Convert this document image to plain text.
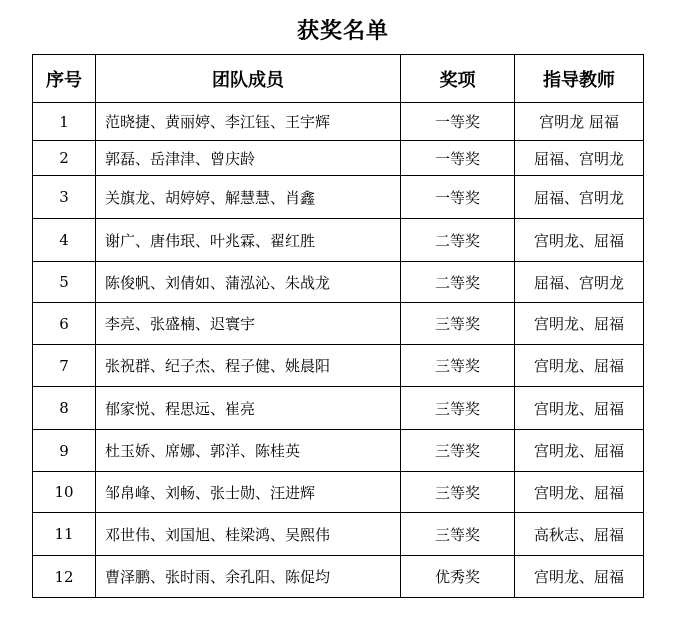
获奖名单
序号	团队成员	奖项	指导教师
1	范晓捷、黄丽婷、李江钰、王宇辉	一等奖	宫明龙 屈福
2	郭磊、岳津津、曾庆龄	一等奖	屈福、宫明龙
3	关旗龙、胡婷婷、解慧慧、肖鑫	一等奖	屈福、宫明龙
4	谢广、唐伟珉、叶兆霖、翟红胜	二等奖	宫明龙、屈福
5	陈俊帆、刘倩如、蒲泓沁、朱战龙	二等奖	屈福、宫明龙
6	李亮、张盛楠、迟寰宇	三等奖	宫明龙、屈福
7	张祝群、纪子杰、程子健、姚晨阳	三等奖	宫明龙、屈福
8	郁家悦、程思远、崔亮	三等奖	宫明龙、屈福
9	杜玉娇、席娜、郭洋、陈桂英	三等奖	宫明龙、屈福
10	邹帛峰、刘畅、张士勋、汪进辉	三等奖	宫明龙、屈福
11	邓世伟、刘国旭、桂梁鸿、吴熙伟	三等奖	高秋志、屈福
12	曹泽鹏、张时雨、余孔阳、陈促均	优秀奖	宫明龙、屈福
